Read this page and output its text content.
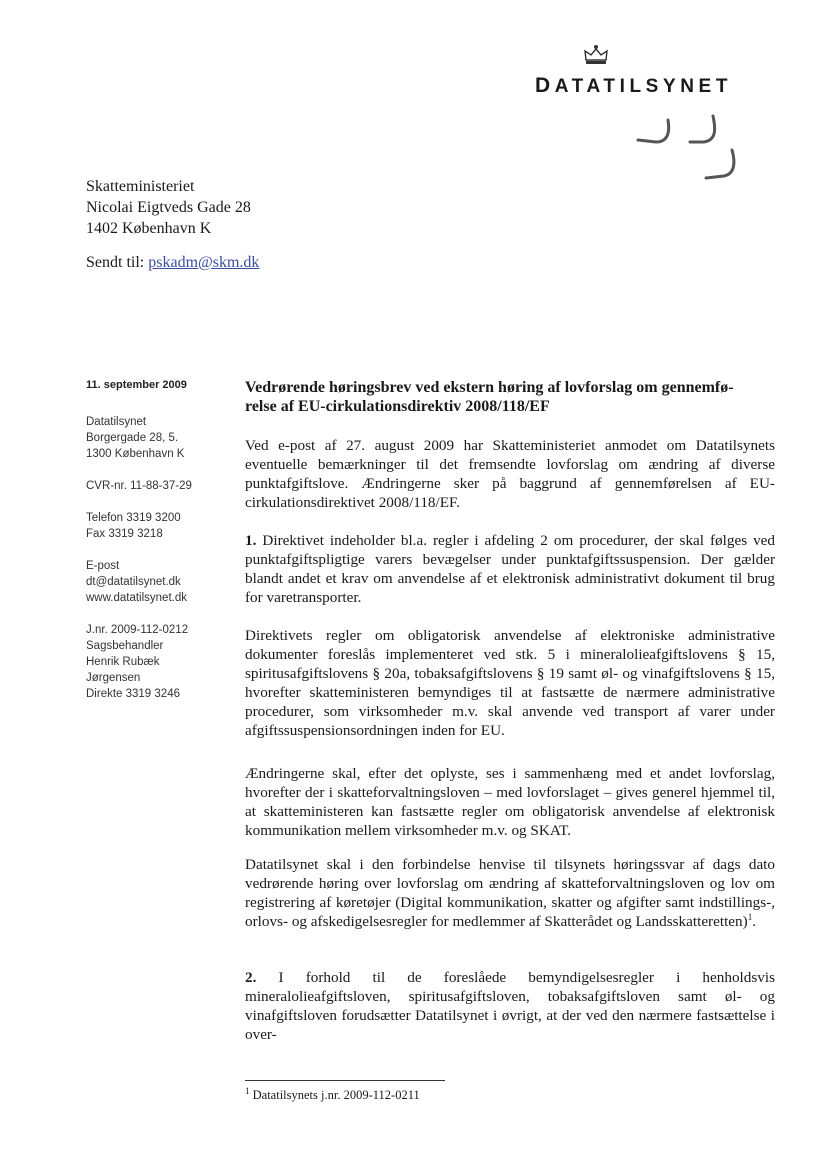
DATATILSYNET
Skatteministeriet
Nicolai Eigtveds Gade 28
1402 København K
Sendt til: pskadm@skm.dk
11. september 2009
Datatilsynet
Borgergade 28, 5.
1300 København K
CVR-nr. 11-88-37-29
Telefon 3319 3200
Fax 3319 3218
E-post
dt@datatilsynet.dk
www.datatilsynet.dk
J.nr. 2009-112-0212
Sagsbehandler
Henrik Rubæk
Jørgensen
Direkte 3319 3246
Vedrørende høringsbrev ved ekstern høring af lovforslag om gennemfø-
relse af EU-cirkulationsdirektiv 2008/118/EF

Ved e-post af 27. august 2009 har Skatteministeriet anmodet om Datatilsynets eventuelle bemærkninger til det fremsendte lovforslag om ændring af diverse punktafgiftslove. Ændringerne sker på baggrund af gennemførelsen af EU-cirkulationsdirektivet 2008/118/EF.

1. Direktivet indeholder bl.a. regler i afdeling 2 om procedurer, der skal følges ved punktafgiftspligtige varers bevægelser under punktafgiftssuspension. Der gælder blandt andet et krav om anvendelse af et elektronisk administrativt dokument til brug for varetransporter.

Direktivets regler om obligatorisk anvendelse af elektroniske administrative dokumenter foreslås implementeret ved stk. 5 i mineralolieafgiftslovens § 15, spiritusafgiftslovens § 20a, tobaksafgiftslovens § 19 samt øl- og vinafgiftslovens § 15, hvorefter skatteministeren bemyndiges til at fastsætte de nærmere administrative procedurer, som virksomheder m.v. skal anvende ved transport af varer under afgiftssuspensionsordningen inden for EU.

Ændringerne skal, efter det oplyste, ses i sammenhæng med et andet lovforslag, hvorefter der i skatteforvaltningsloven – med lovforslaget – gives generel hjemmel til, at skatteministeren kan fastsætte regler om obligatorisk anvendelse af elektronisk kommunikation mellem virksomheder m.v. og SKAT.

Datatilsynet skal i den forbindelse henvise til tilsynets høringssvar af dags dato vedrørende høring over lovforslag om ændring af skatteforvaltningsloven og lov om registrering af køretøjer (Digital kommunikation, skatter og afgifter samt indstillings-, orlovs- og afskedigelsesregler for medlemmer af Skatterådet og Landsskatteretten)$^1$.

2. I forhold til de foreslåede bemyndigelsesregler i henholdsvis mineralolieafgiftsloven, spiritusafgiftsloven, tobaksafgiftsloven samt øl- og vinafgiftsloven forudsætter Datatilsynet i øvrigt, at der ved den nærmere fastsættelse i over-

$^1$ Datatilsynets j.nr. 2009-112-0211
